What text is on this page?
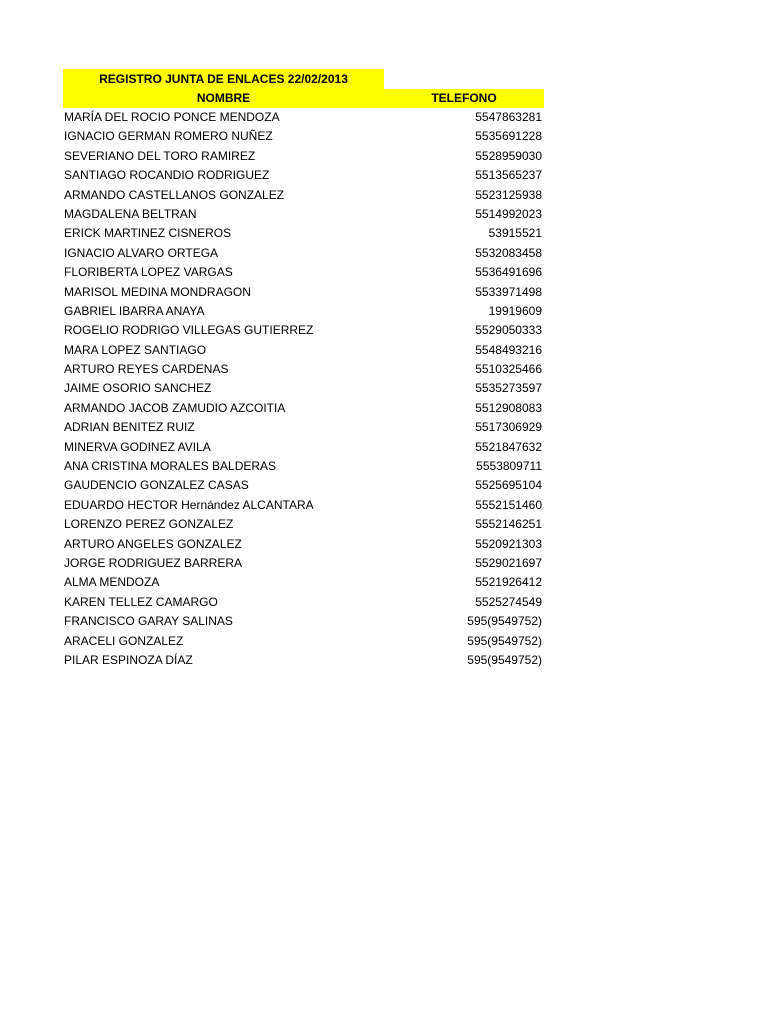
REGISTRO JUNTA DE ENLACES 22/02/2013
NOMBRE	TELEFONO
MARÍA DEL ROCIO PONCE MENDOZA	5547863281
IGNACIO GERMAN ROMERO NUÑEZ	5535691228
SEVERIANO DEL TORO RAMIREZ	5528959030
SANTIAGO ROCANDIO RODRIGUEZ	5513565237
ARMANDO CASTELLANOS GONZALEZ	5523125938
MAGDALENA BELTRAN	5514992023
ERICK MARTINEZ CISNEROS	53915521
IGNACIO ALVARO ORTEGA	5532083458
FLORIBERTA LOPEZ VARGAS	5536491696
MARISOL MEDINA MONDRAGON	5533971498
GABRIEL IBARRA ANAYA	19919609
ROGELIO RODRIGO VILLEGAS GUTIERREZ	5529050333
MARA LOPEZ SANTIAGO	5548493216
ARTURO REYES CARDENAS	5510325466
JAIME OSORIO SANCHEZ	5535273597
ARMANDO JACOB ZAMUDIO AZCOITIA	5512908083
ADRIAN BENITEZ RUIZ	5517306929
MINERVA GODINEZ AVILA	5521847632
ANA CRISTINA MORALES BALDERAS	5553809711
GAUDENCIO GONZALEZ CASAS	5525695104
EDUARDO HECTOR Hernández ALCANTARA	5552151460
LORENZO PEREZ GONZALEZ	5552146251
ARTURO ANGELES GONZALEZ	5520921303
JORGE RODRIGUEZ BARRERA	5529021697
ALMA MENDOZA	5521926412
KAREN TELLEZ CAMARGO	5525274549
FRANCISCO GARAY SALINAS	595(9549752)
ARACELI GONZALEZ	595(9549752)
PILAR ESPINOZA DÍAZ	595(9549752)
